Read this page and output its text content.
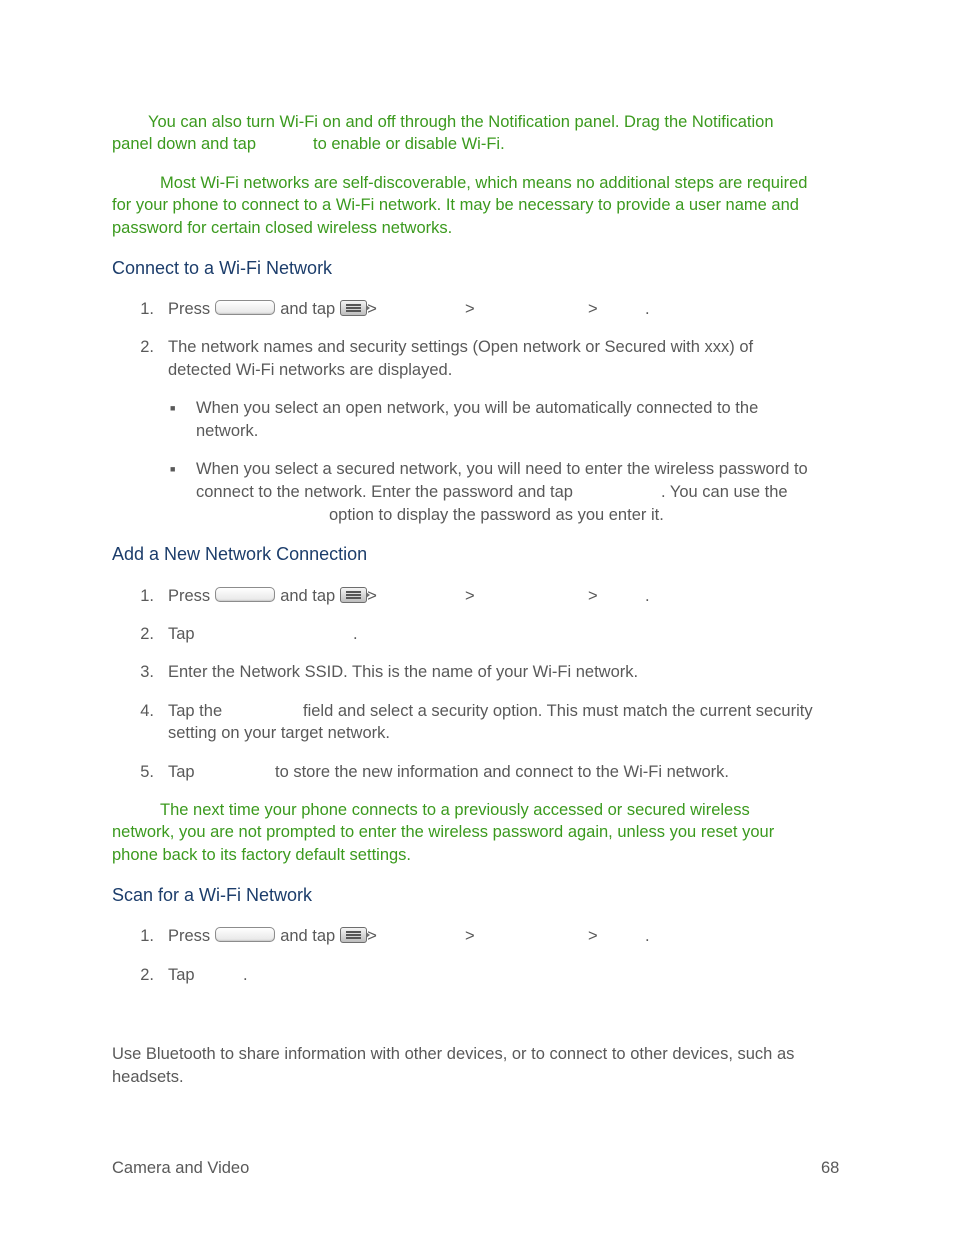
You can also turn Wi-Fi on and off through the Notification panel. Drag the Notification
panel down and tap	to enable or disable Wi-Fi.
Most Wi-Fi networks are self-discoverable, which means no additional steps are required
for your phone to connect to a Wi-Fi network. It may be necessary to provide a user name and
password for certain closed wireless networks.
Connect to a Wi-Fi Network
1. Press	and tap >	>	>	.
2. The network names and security settings (Open network or Secured with xxx) of
detected Wi-Fi networks are displayed.
■ When you select an open network, you will be automatically connected to the
network.
■ When you select a secured network, you will need to enter the wireless password to
connect to the network. Enter the password and tap	. You can use the
option to display the password as you enter it.
Add a New Network Connection
1. Press	and tap >	>	>	.
2. Tap	.
3. Enter the Network SSID. This is the name of your Wi-Fi network.
4. Tap the	field and select a security option. This must match the current security
setting on your target network.
5. Tap	to store the new information and connect to the Wi-Fi network.
The next time your phone connects to a previously accessed or secured wireless
network, you are not prompted to enter the wireless password again, unless you reset your
phone back to its factory default settings.
Scan for a Wi-Fi Network
1. Press	and tap >	>	>	.
2. Tap	.
Use Bluetooth to share information with other devices, or to connect to other devices, such as
headsets.
Camera and Video	68
